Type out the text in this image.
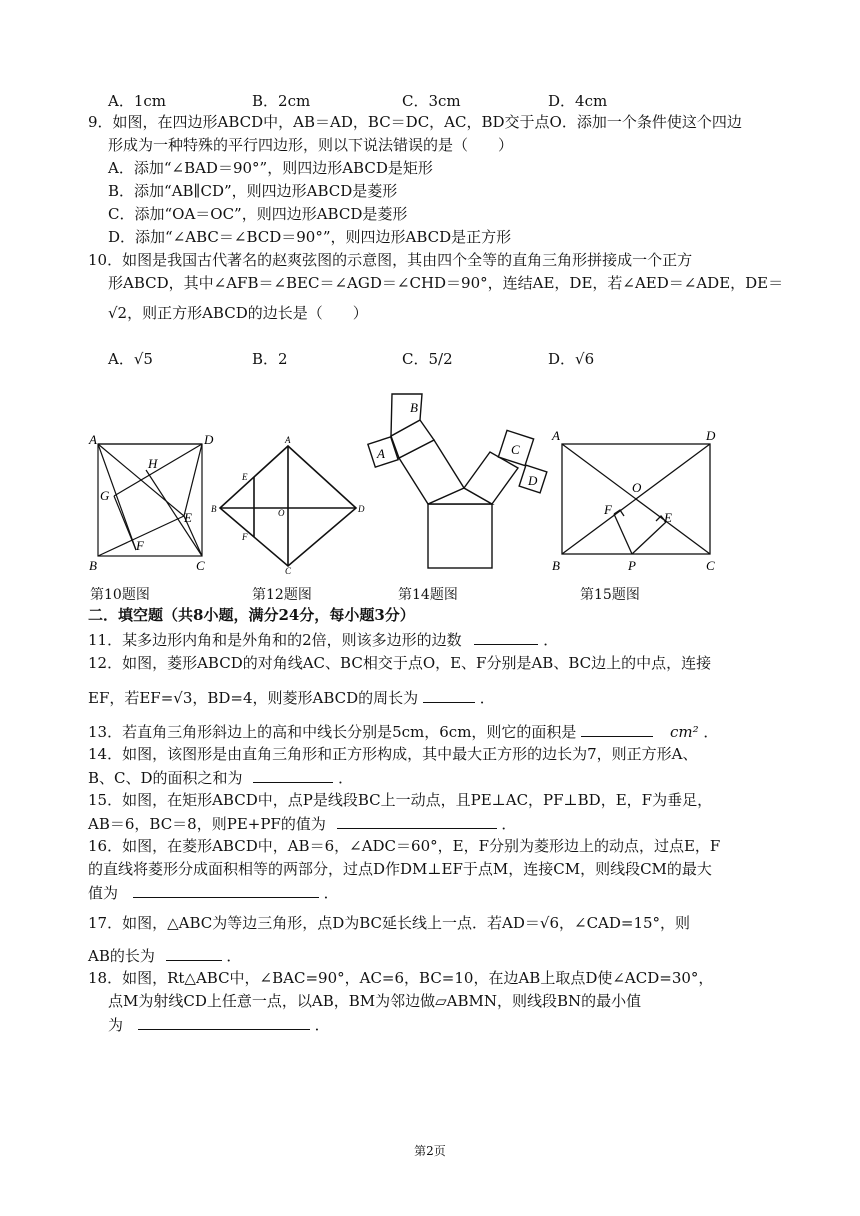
A．1cm	B．2cm	C．3cm	D．4cm
9．如图，在四边形ABCD中，AB＝AD，BC＝DC，AC，BD交于点O．添加一个条件使这个四边
形成为一种特殊的平行四边形，则以下说法错误的是（　　）
A．添加“∠BAD＝90°”，则四边形ABCD是矩形
B．添加“AB∥CD”，则四边形ABCD是菱形
C．添加“OA＝OC”，则四边形ABCD是菱形
D．添加“∠ABC＝∠BCD＝90°”，则四边形ABCD是正方形
10．如图是我国古代著名的赵爽弦图的示意图，其由四个全等的直角三角形拼接成一个正方
形ABCD，其中∠AFB＝∠BEC＝∠AGD＝∠CHD＝90°，连结AE，DE，若∠AED＝∠ADE，DE＝
√2，则正方形ABCD的边长是（　　）
A．√5	B．2	C．5/2	D．√6
A	D
H
G
E
B
F
C
A
E
B	O	D
F
C
B
A	C
D
A	D
O
F
E
B	P	C
第10题图	第12题图	第14题图	第15题图
二．填空题（共8小题，满分24分，每小题3分）
11．某多边形内角和是外角和的2倍，则该多边形的边数	．
12．如图，菱形ABCD的对角线AC、BC相交于点O，E、F分别是AB、BC边上的中点，连接
EF，若EF=√3，BD=4，则菱形ABCD的周长为	．
13．若直角三角形斜边上的高和中线长分别是5cm，6cm，则它的面积是	cm² ．
14．如图，该图形是由直角三角形和正方形构成，其中最大正方形的边长为7，则正方形A、
B、C、D的面积之和为	．
15．如图，在矩形ABCD中，点P是线段BC上一动点，且PE⊥AC，PF⊥BD，E，F为垂足，
AB＝6，BC＝8，则PE+PF的值为	．
16．如图，在菱形ABCD中，AB＝6，∠ADC＝60°，E，F分别为菱形边上的动点，过点E，F
的直线将菱形分成面积相等的两部分，过点D作DM⊥EF于点M，连接CM，则线段CM的最大
值为	．
17．如图，△ABC为等边三角形，点D为BC延长线上一点．若AD＝√6，∠CAD=15°，则
AB的长为	．
18．如图，Rt△ABC中，∠BAC=90°，AC=6，BC=10，在边AB上取点D使∠ACD=30°，
点M为射线CD上任意一点，以AB，BM为邻边做▱ABMN，则线段BN的最小值
为	．
第2页
